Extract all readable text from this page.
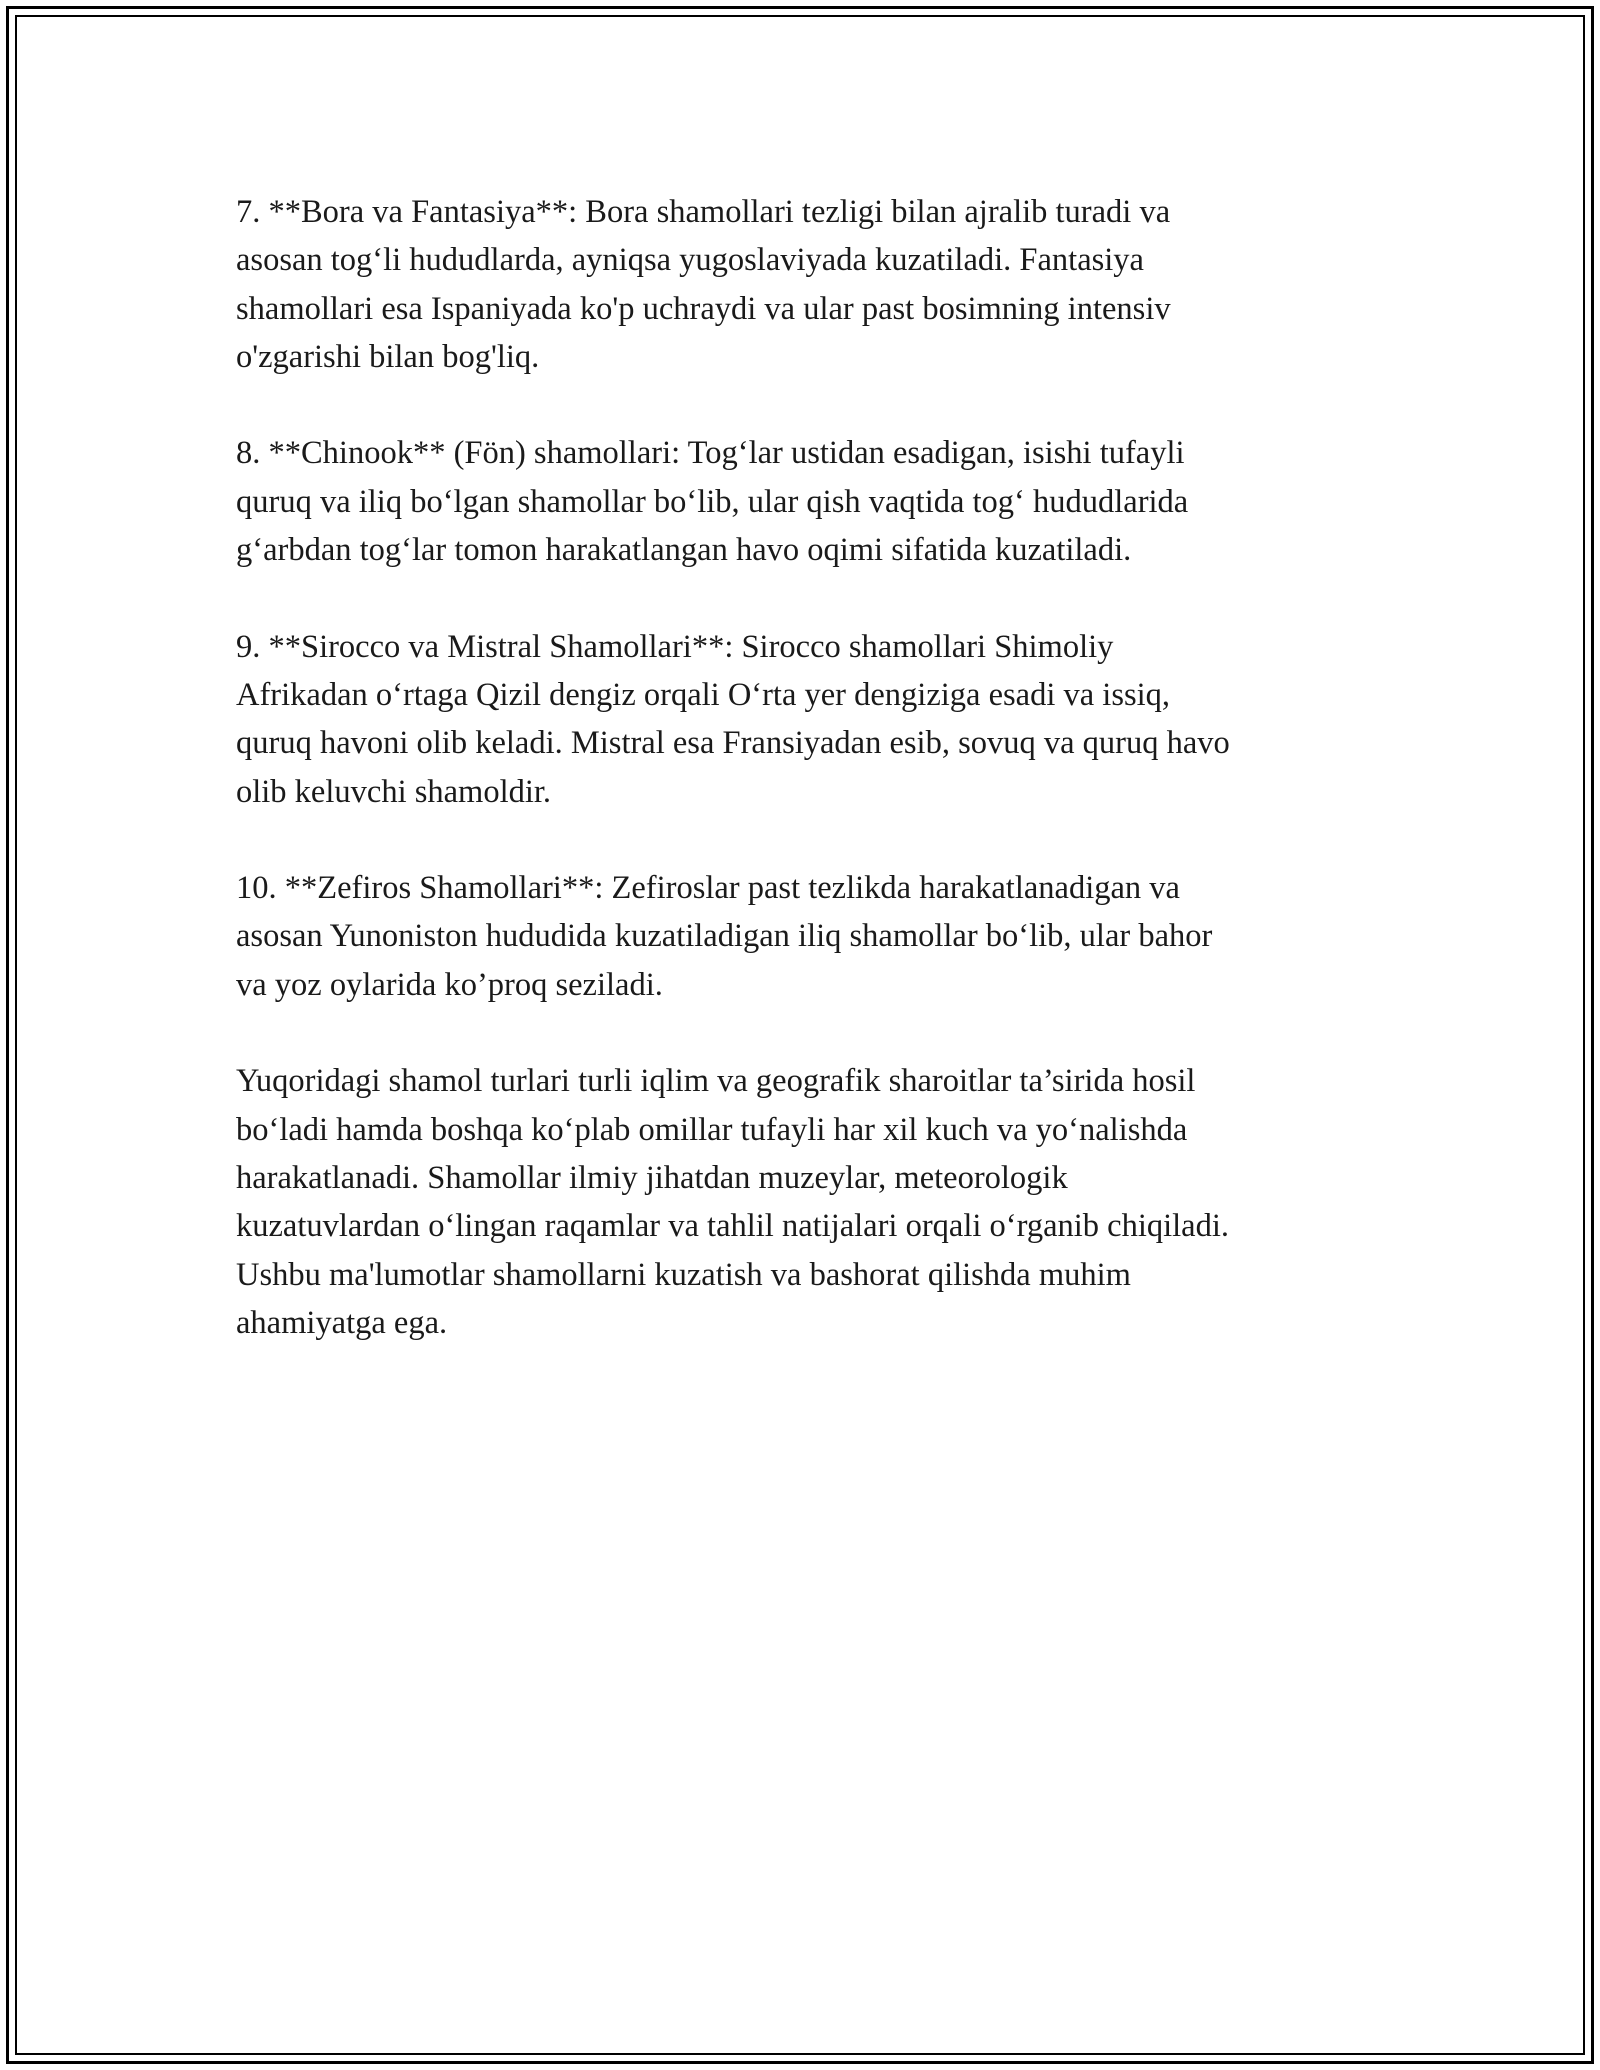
7. **Bora va Fantasiya**: Bora shamollari tezligi bilan ajralib turadi va
asosan tog‘li hududlarda, ayniqsa yugoslaviyada kuzatiladi. Fantasiya
shamollari esa Ispaniyada ko'p uchraydi va ular past bosimning intensiv
o'zgarishi bilan bog'liq.

8. **Chinook** (Fön) shamollari: Tog‘lar ustidan esadigan, isishi tufayli
quruq va iliq bo‘lgan shamollar bo‘lib, ular qish vaqtida tog‘ hududlarida
g‘arbdan tog‘lar tomon harakatlangan havo oqimi sifatida kuzatiladi.

9. **Sirocco va Mistral Shamollari**: Sirocco shamollari Shimoliy
Afrikadan o‘rtaga Qizil dengiz orqali O‘rta yer dengiziga esadi va issiq,
quruq havoni olib keladi. Mistral esa Fransiyadan esib, sovuq va quruq havo
olib keluvchi shamoldir.

10. **Zefiros Shamollari**: Zefiroslar past tezlikda harakatlanadigan va
asosan Yunoniston hududida kuzatiladigan iliq shamollar bo‘lib, ular bahor
va yoz oylarida ko’proq seziladi.

Yuqoridagi shamol turlari turli iqlim va geografik sharoitlar ta’sirida hosil
bo‘ladi hamda boshqa ko‘plab omillar tufayli har xil kuch va yo‘nalishda
harakatlanadi. Shamollar ilmiy jihatdan muzeylar, meteorologik
kuzatuvlardan o‘lingan raqamlar va tahlil natijalari orqali o‘rganib chiqiladi.
Ushbu ma'lumotlar shamollarni kuzatish va bashorat qilishda muhim
ahamiyatga ega.
